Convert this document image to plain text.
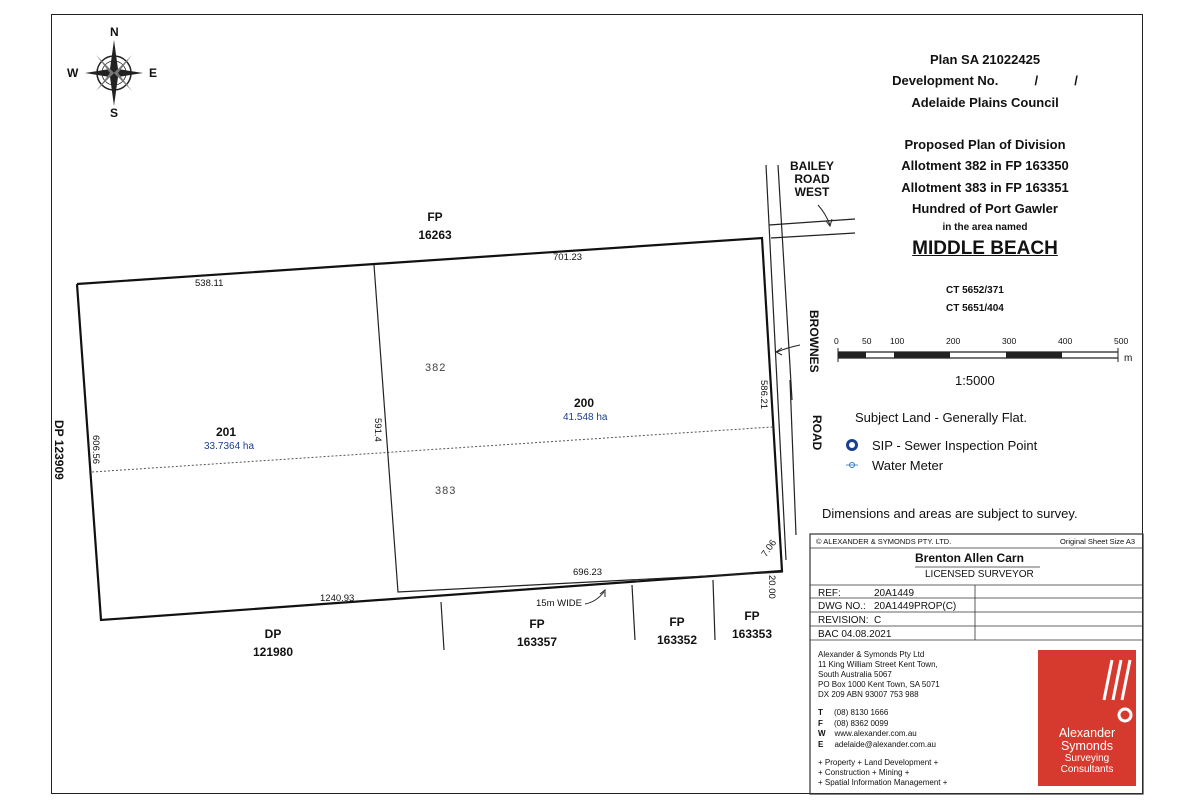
N
S
W	E
Plan SA 21022425
Development No.          /          /
Adelaide Plains Council
Proposed Plan of Division
Allotment 382 in FP 163350
Allotment 383 in FP 163351
Hundred of Port Gawler
in the area named
MIDDLE BEACH
CT 5652/371
CT 5651/404
0	50 100	200	300	400	500
m
1:5000
Subject Land - Generally Flat.
SIP - Sewer Inspection Point
Water Meter
Dimensions and areas are subject to survey.
BAILEY
ROAD
WEST
BROWNES
ROAD
FP
16263
DP 123909
DP
121980
FP
163357
FP
163352
FP
163353
15m WIDE
201
33.7364 ha
200
41.548 ha
382
383
538.11
701.23
606.56
591.4
586.21
696.23
1240.93
7.06
20.00
© ALEXANDER & SYMONDS PTY. LTD.	Original Sheet Size A3
Brenton Allen Carn
LICENSED SURVEYOR
REF:	20A1449
DWG NO.: 20A1449PROP(C)
REVISION: C
BAC 04.08.2021
Alexander & Symonds Pty Ltd
11 King William Street Kent Town,
South Australia 5067
PO Box 1000 Kent Town, SA 5071
DX 209 ABN 93007 753 988
T (08) 8130 1666
F (08) 8362 0099
W www.alexander.com.au
E adelaide@alexander.com.au
+ Property + Land Development +
+ Construction + Mining +
+ Spatial Information Management +
Alexander
Symonds
Surveying
Consultants
